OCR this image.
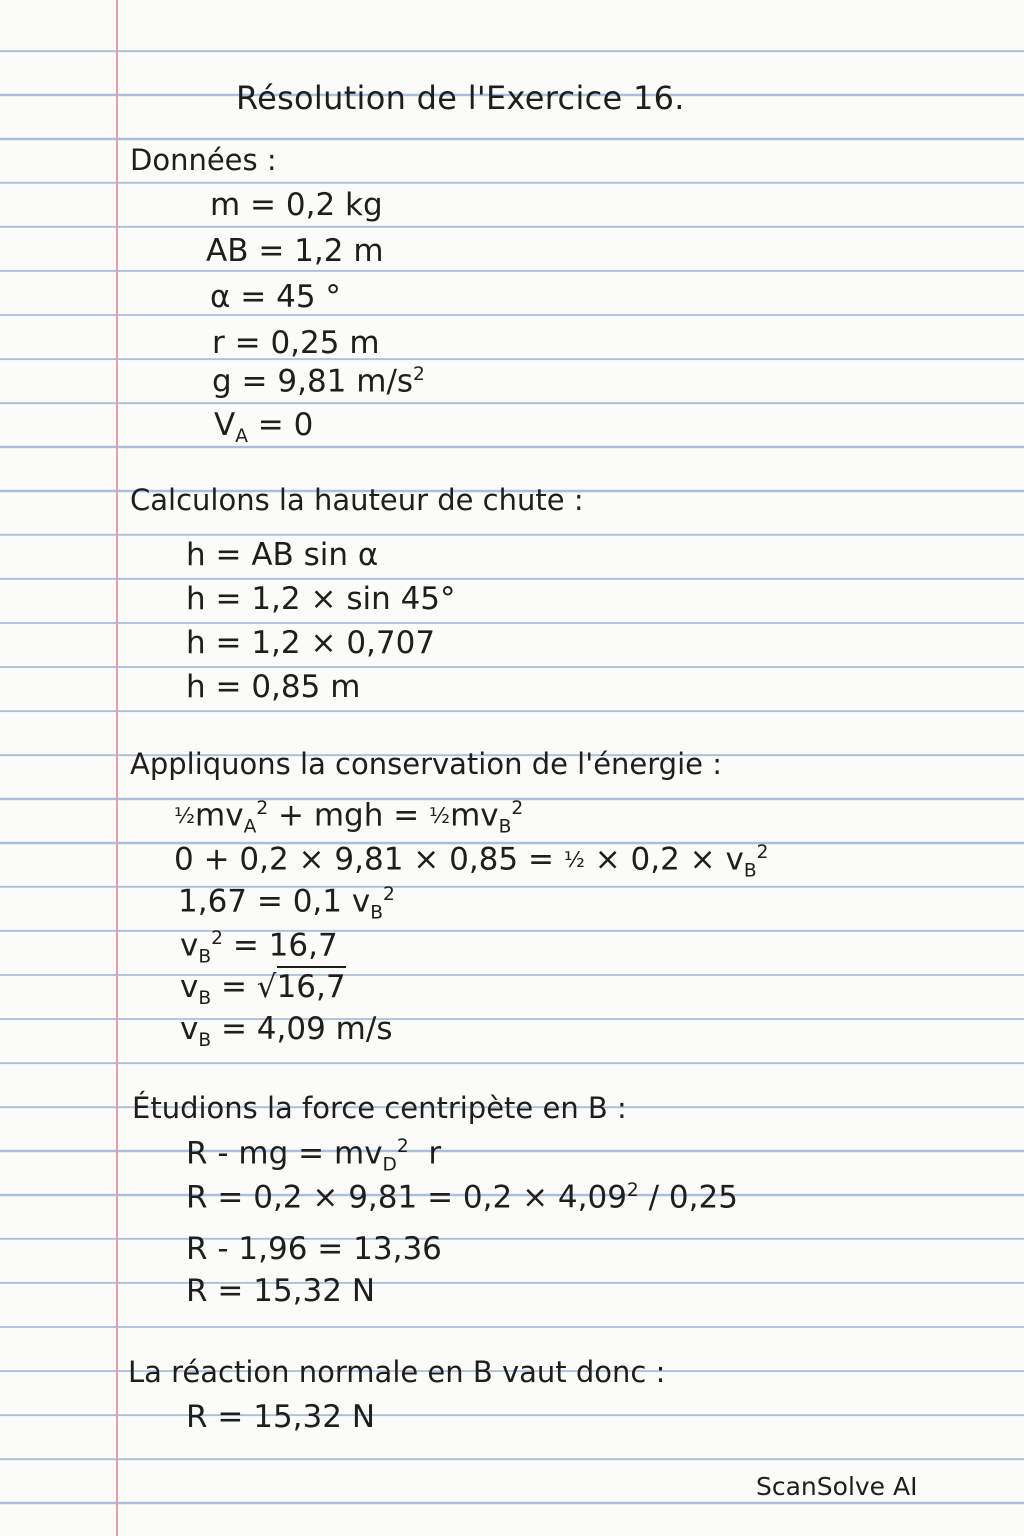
Résolution de l'Exercice 16.
Données :
m = 0,2 kg
AB = 1,2 m
α = 45 °
r = 0,25 m
g = 9,81 $m/s^2$
$V_A = 0$
Calculons la hauteur de chute :
h = AB sin α
h = 1,2 × sin 45°
h = 1,2 × 0,707
h = 0,85 m
Appliquons la conservation de l'énergie :
$\frac{1}{2}mv_A^2$ + mgh = $\frac{1}{2}mv_B^2$
0 + 0,2 × 9,81 × 0,85 = ½ × $0,2 \times v_B^2$
1,67 = 0,1 $v_B^2$
$v_B^2 = 16,7$
$v_B = √16,7$
$v_B = 4,09$ m/s
Étudions la force centripète en B :
R - mg = $mv_D^2$  r
$R = 0,2 \times 9,81 = 0,2 \times 4,09^2 / 0,25$
R - 1,96 = 13,36
R = 15,32 N
La réaction normale en B vaut donc :
R = 15,32 N
ScanSolve AI
